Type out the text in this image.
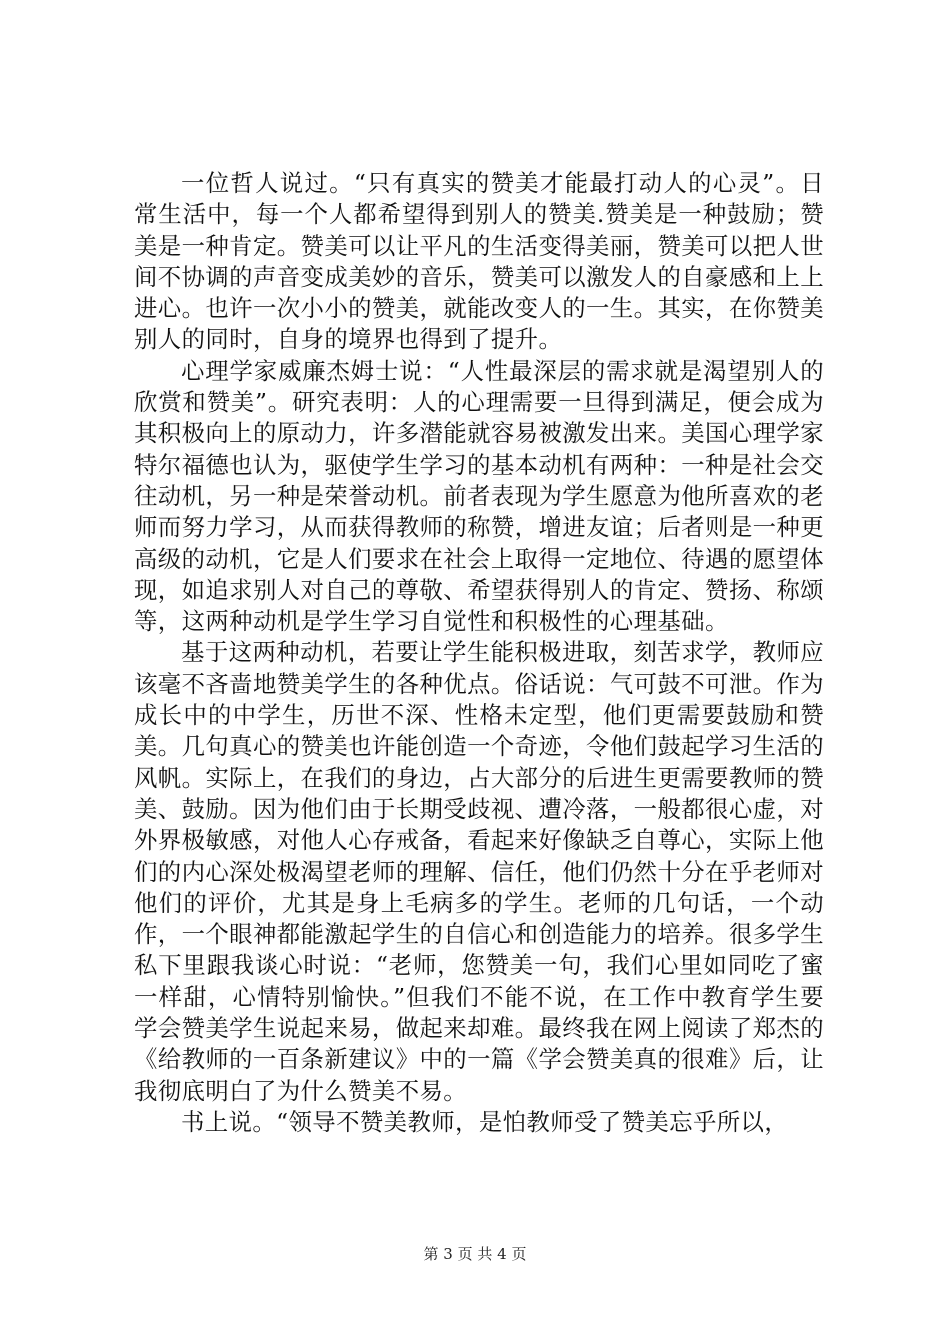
一位哲人说过。“只有真实的赞美才能最打动人的心灵”。日常生活中，每一个人都希望得到别人的赞美.赞美是一种鼓励；赞美是一种肯定。赞美可以让平凡的生活变得美丽，赞美可以把人世间不协调的声音变成美妙的音乐，赞美可以激发人的自豪感和上上进心。也许一次小小的赞美，就能改变人的一生。其实，在你赞美别人的同时，自身的境界也得到了提升。

心理学家威廉杰姆士说：“人性最深层的需求就是渴望别人的欣赏和赞美”。研究表明：人的心理需要一旦得到满足，便会成为其积极向上的原动力，许多潜能就容易被激发出来。美国心理学家特尔福德也认为，驱使学生学习的基本动机有两种：一种是社会交往动机，另一种是荣誉动机。前者表现为学生愿意为他所喜欢的老师而努力学习，从而获得教师的称赞，增进友谊；后者则是一种更高级的动机，它是人们要求在社会上取得一定地位、待遇的愿望体现，如追求别人对自己的尊敬、希望获得别人的肯定、赞扬、称颂等，这两种动机是学生学习自觉性和积极性的心理基础。

基于这两种动机，若要让学生能积极进取，刻苦求学，教师应该毫不吝啬地赞美学生的各种优点。俗话说：气可鼓不可泄。作为成长中的中学生，历世不深、性格未定型，他们更需要鼓励和赞美。几句真心的赞美也许能创造一个奇迹，令他们鼓起学习生活的风帆。实际上，在我们的身边，占大部分的后进生更需要教师的赞美、鼓励。因为他们由于长期受歧视、遭冷落，一般都很心虚，对外界极敏感，对他人心存戒备，看起来好像缺乏自尊心，实际上他们的内心深处极渴望老师的理解、信任，他们仍然十分在乎老师对他们的评价，尤其是身上毛病多的学生。老师的几句话，一个动作，一个眼神都能激起学生的自信心和创造能力的培养。很多学生私下里跟我谈心时说：“老师，您赞美一句，我们心里如同吃了蜜一样甜，心情特别愉快。”但我们不能不说，在工作中教育学生要学会赞美学生说起来易，做起来却难。最终我在网上阅读了郑杰的《给教师的一百条新建议》中的一篇《学会赞美真的很难》后，让我彻底明白了为什么赞美不易。

书上说。“领导不赞美教师，是怕教师受了赞美忘乎所以，

第 3 页 共 4 页
